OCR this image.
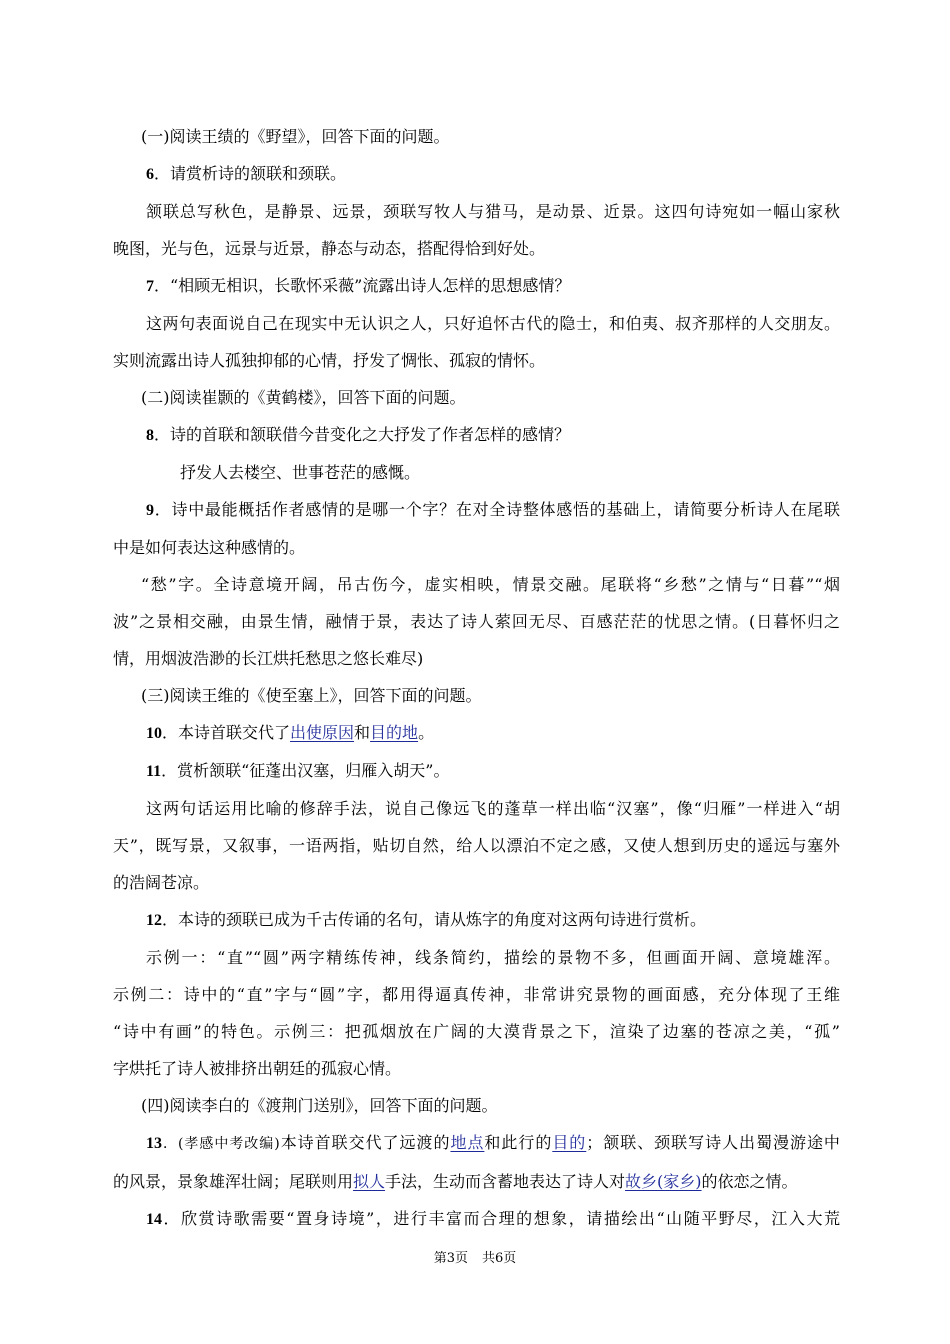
(一)阅读王绩的《野望》，回答下面的问题。

6．请赏析诗的颔联和颈联。

颔联总写秋色，是静景、远景，颈联写牧人与猎马，是动景、近景。这四句诗宛如一幅山家秋

晚图，光与色，远景与近景，静态与动态，搭配得恰到好处。

7．“相顾无相识，长歌怀采薇”流露出诗人怎样的思想感情？

这两句表面说自己在现实中无认识之人，只好追怀古代的隐士，和伯夷、叔齐那样的人交朋友。

实则流露出诗人孤独抑郁的心情，抒发了惆怅、孤寂的情怀。

(二)阅读崔颢的《黄鹤楼》，回答下面的问题。

8．诗的首联和颔联借今昔变化之大抒发了作者怎样的感情？

抒发人去楼空、世事苍茫的感慨。

9．诗中最能概括作者感情的是哪一个字？在对全诗整体感悟的基础上，请简要分析诗人在尾联

中是如何表达这种感情的。

“愁”字。全诗意境开阔，吊古伤今，虚实相映，情景交融。尾联将“乡愁”之情与“日暮”“烟

波”之景相交融，由景生情，融情于景，表达了诗人萦回无尽、百感茫茫的忧思之情。(日暮怀归之

情，用烟波浩渺的长江烘托愁思之悠长难尽)

(三)阅读王维的《使至塞上》，回答下面的问题。

10．本诗首联交代了出使原因和目的地。

11．赏析颔联“征蓬出汉塞，归雁入胡天”。

这两句话运用比喻的修辞手法，说自己像远飞的蓬草一样出临“汉塞”，像“归雁”一样进入“胡

天”，既写景，又叙事，一语两指，贴切自然，给人以漂泊不定之感，又使人想到历史的遥远与塞外

的浩阔苍凉。

12．本诗的颈联已成为千古传诵的名句，请从炼字的角度对这两句诗进行赏析。

示例一：“直”“圆”两字精练传神，线条简约，描绘的景物不多，但画面开阔、意境雄浑。

示例二：诗中的“直”字与“圆”字，都用得逼真传神，非常讲究景物的画面感，充分体现了王维

“诗中有画”的特色。示例三：把孤烟放在广阔的大漠背景之下，渲染了边塞的苍凉之美，“孤”

字烘托了诗人被排挤出朝廷的孤寂心情。

(四)阅读李白的《渡荆门送别》，回答下面的问题。

13．(孝感中考改编)本诗首联交代了远渡的地点和此行的目的；颔联、颈联写诗人出蜀漫游途中

的风景，景象雄浑壮阔；尾联则用拟人手法，生动而含蓄地表达了诗人对故乡(家乡)的依恋之情。

14．欣赏诗歌需要“置身诗境”，进行丰富而合理的想象，请描绘出“山随平野尽，江入大荒

第3页 共6页
